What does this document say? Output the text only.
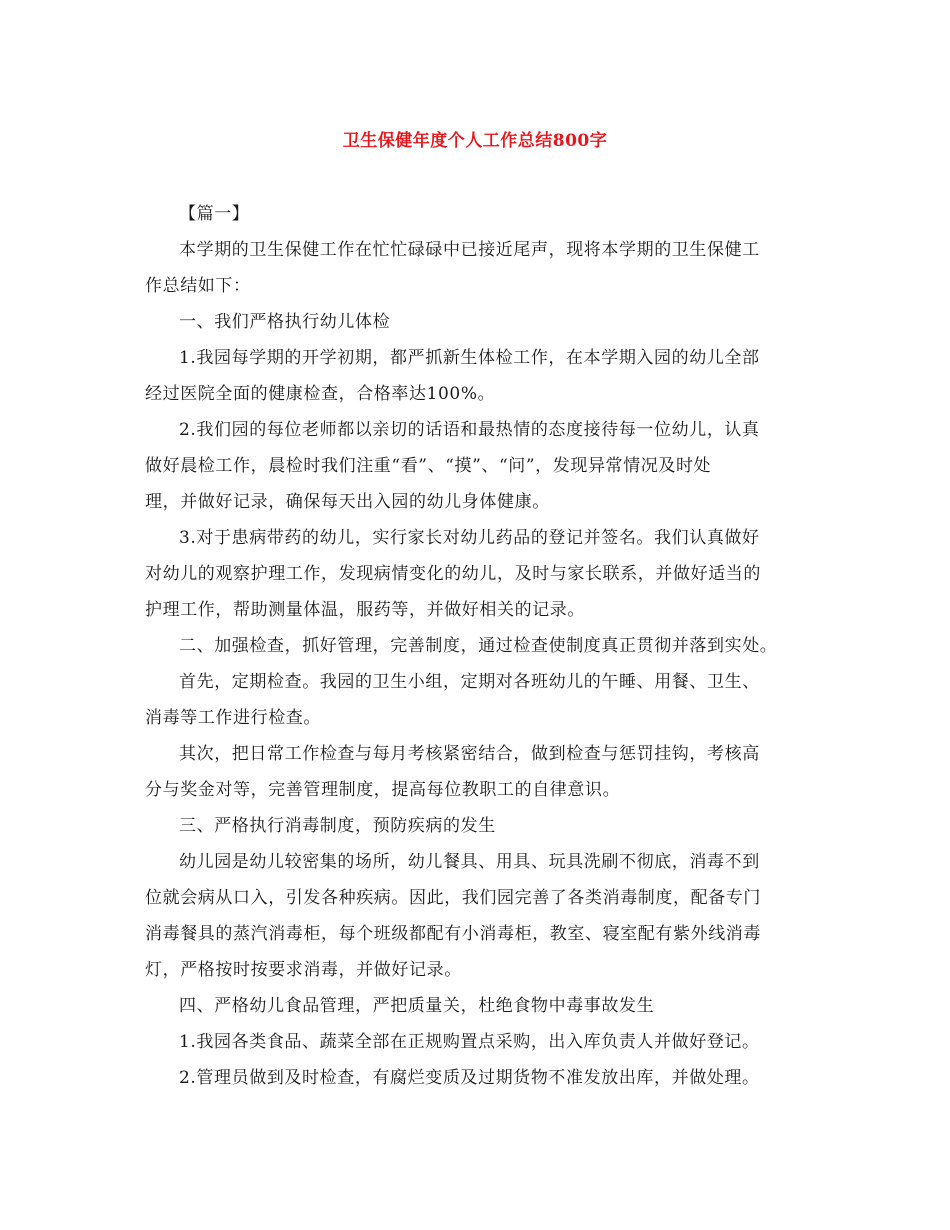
卫生保健年度个人工作总结800字
【篇一】
本学期的卫生保健工作在忙忙碌碌中已接近尾声，现将本学期的卫生保健工
作总结如下：
一、我们严格执行幼儿体检
1.我园每学期的开学初期，都严抓新生体检工作，在本学期入园的幼儿全部
经过医院全面的健康检查，合格率达100%。
2.我们园的每位老师都以亲切的话语和最热情的态度接待每一位幼儿，认真
做好晨检工作，晨检时我们注重“看”、“摸”、“问”，发现异常情况及时处
理，并做好记录，确保每天出入园的幼儿身体健康。
3.对于患病带药的幼儿，实行家长对幼儿药品的登记并签名。我们认真做好
对幼儿的观察护理工作，发现病情变化的幼儿，及时与家长联系，并做好适当的
护理工作，帮助测量体温，服药等，并做好相关的记录。
二、加强检查，抓好管理，完善制度，通过检查使制度真正贯彻并落到实处。
首先，定期检查。我园的卫生小组，定期对各班幼儿的午睡、用餐、卫生、
消毒等工作进行检查。
其次，把日常工作检查与每月考核紧密结合，做到检查与惩罚挂钩，考核高
分与奖金对等，完善管理制度，提高每位教职工的自律意识。
三、严格执行消毒制度，预防疾病的发生
幼儿园是幼儿较密集的场所，幼儿餐具、用具、玩具洗刷不彻底，消毒不到
位就会病从口入，引发各种疾病。因此，我们园完善了各类消毒制度，配备专门
消毒餐具的蒸汽消毒柜，每个班级都配有小消毒柜，教室、寝室配有紫外线消毒
灯，严格按时按要求消毒，并做好记录。
四、严格幼儿食品管理，严把质量关，杜绝食物中毒事故发生
1.我园各类食品、蔬菜全部在正规购置点采购，出入库负责人并做好登记。
2.管理员做到及时检查，有腐烂变质及过期货物不准发放出库，并做处理。
